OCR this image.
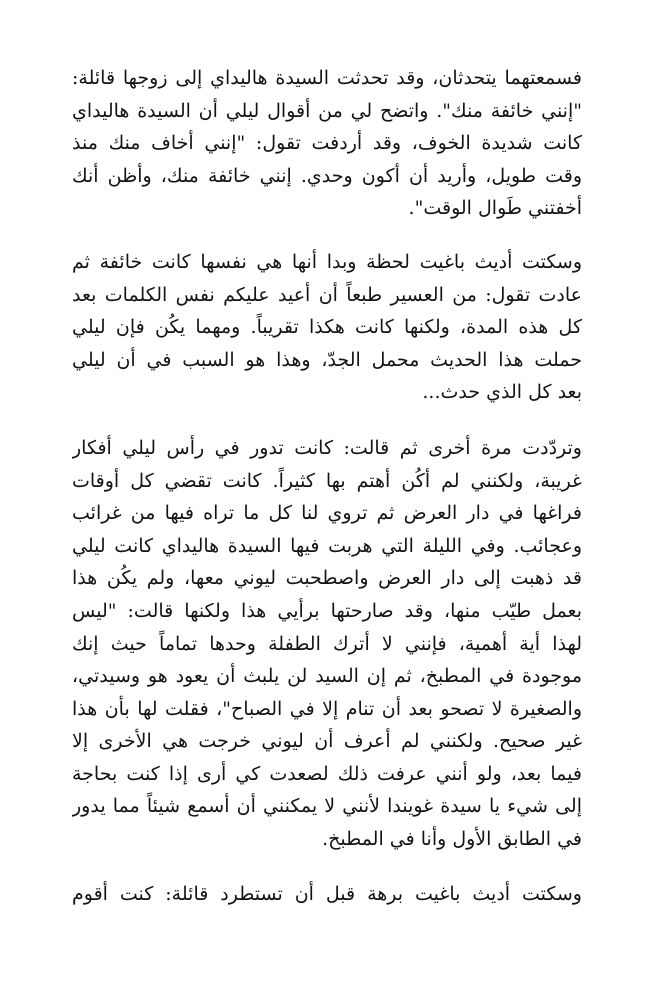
فسمعتهما يتحدثان، وقد تحدثت السيدة هاليداي إلى زوجها قائلة:
"إنني خائفة منك". واتضح لي من أقوال ليلي أن السيدة هاليداي
كانت شديدة الخوف، وقد أردفت تقول: "إنني أخاف منك منذ
وقت طويل، وأريد أن أكون وحدي. إنني خائفة منك، وأظن أنك
أخفتني طَوال الوقت".
وسكتت أديث باغيت لحظة وبدا أنها هي نفسها كانت خائفة ثم
عادت تقول: من العسير طبعاً أن أعيد عليكم نفس الكلمات بعد
كل هذه المدة، ولكنها كانت هكذا تقريباً. ومهما يكُن فإن ليلي
حملت هذا الحديث محمل الجدّ، وهذا هو السبب في أن ليلي
بعد كل الذي حدث...
وتردّدت مرة أخرى ثم قالت: كانت تدور في رأس ليلي أفكار
غريبة، ولكنني لم أكُن أهتم بها كثيراً. كانت تقضي كل أوقات
فراغها في دار العرض ثم تروي لنا كل ما تراه فيها من غرائب
وعجائب. وفي الليلة التي هربت فيها السيدة هاليداي كانت ليلي
قد ذهبت إلى دار العرض واصطحبت ليوني معها، ولم يكُن هذا
بعمل طيّب منها، وقد صارحتها برأيي هذا ولكنها قالت: "ليس
لهذا أية أهمية، فإنني لا أترك الطفلة وحدها تماماً حيث إنك
موجودة في المطبخ، ثم إن السيد لن يلبث أن يعود هو وسيدتي،
والصغيرة لا تصحو بعد أن تنام إلا في الصباح"، فقلت لها بأن هذا
غير صحيح. ولكنني لم أعرف أن ليوني خرجت هي الأخرى إلا
فيما بعد، ولو أنني عرفت ذلك لصعدت كي أرى إذا كنت بحاجة
إلى شيء يا سيدة غويندا لأنني لا يمكنني أن أسمع شيئاً مما يدور
في الطابق الأول وأنا في المطبخ.
وسكتت أديث باغيت برهة قبل أن تستطرد قائلة: كنت أقوم
